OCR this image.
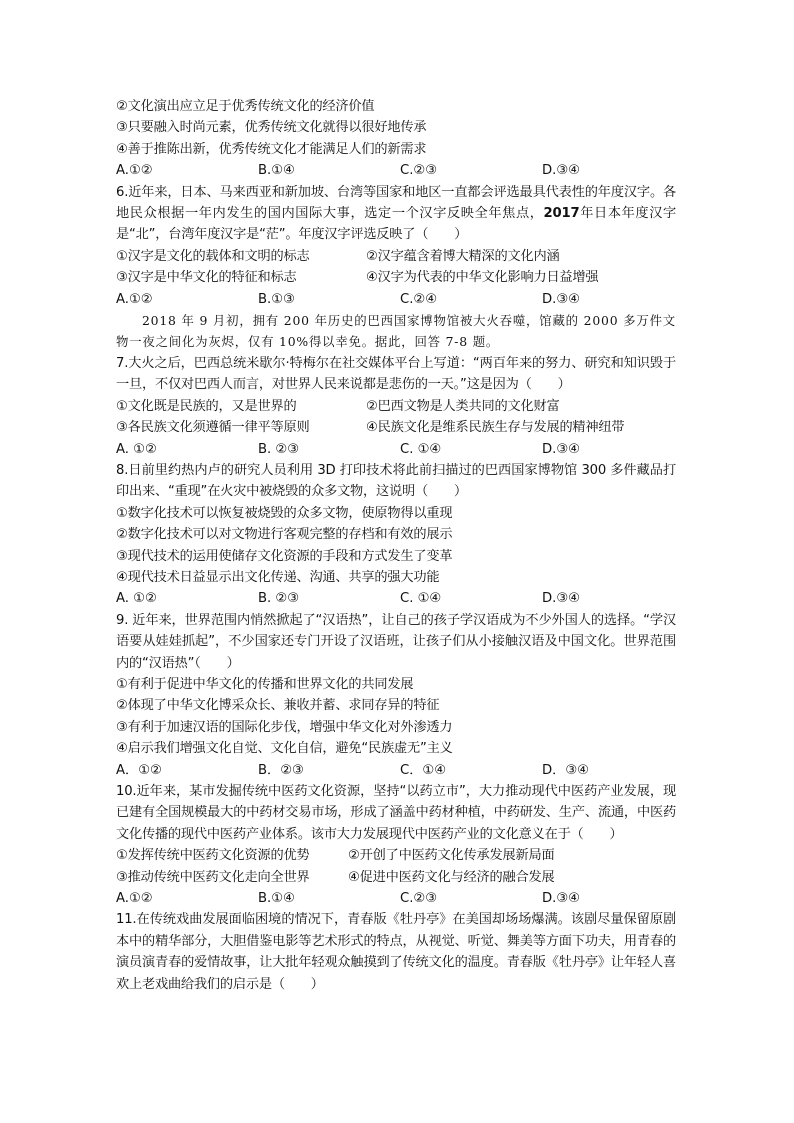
②文化演出应立足于优秀传统文化的经济价值
③只要融入时尚元素，优秀传统文化就得以很好地传承
④善于推陈出新，优秀传统文化才能满足人们的新需求
A.①②	B.①④	C.②③	D.③④
6.近年来，日本、马来西亚和新加坡、台湾等国家和地区一直都会评选最具代表性的年度汉字。各地民众根据一年内发生的国内国际大事，选定一个汉字反映全年焦点，2017年日本年度汉字是“北”，台湾年度汉字是“茫”。年度汉字评选反映了（　　）
①汉字是文化的载体和文明的标志	②汉字蕴含着博大精深的文化内涵
③汉字是中华文化的特征和标志	④汉字为代表的中华文化影响力日益增强
A.①②	B.①③	C.②④	D.③④
2018 年 9 月初，拥有 200 年历史的巴西国家博物馆被大火吞噬，馆藏的 2000 多万件文物一夜之间化为灰烬，仅有 10%得以幸免。据此，回答 7-8 题。
7.大火之后，巴西总统米歇尔·特梅尔在社交媒体平台上写道：“两百年来的努力、研究和知识毁于一旦，不仅对巴西人而言，对世界人民来说都是悲伤的一天。”这是因为（　　）
①文化既是民族的，又是世界的	②巴西文物是人类共同的文化财富
③各民族文化须遵循一律平等原则	④民族文化是维系民族生存与发展的精神纽带
A. ①②	B. ②③	C. ①④	D.③④
8.日前里约热内卢的研究人员利用 3D 打印技术将此前扫描过的巴西国家博物馆 300 多件藏品打印出来、“重现”在火灾中被烧毁的众多文物，这说明（　　）
①数字化技术可以恢复被烧毁的众多文物，使原物得以重现
②数字化技术可以对文物进行客观完整的存档和有效的展示
③现代技术的运用使储存文化资源的手段和方式发生了变革
④现代技术日益显示出文化传递、沟通、共享的强大功能
A. ①②	B. ②③	C. ①④	D.③④
9. 近年来，世界范围内悄然掀起了“汉语热”，让自己的孩子学汉语成为不少外国人的选择。“学汉语要从娃娃抓起”，不少国家还专门开设了汉语班，让孩子们从小接触汉语及中国文化。世界范围内的“汉语热”（　　）
①有利于促进中华文化的传播和世界文化的共同发展
②体现了中华文化博采众长、兼收并蓄、求同存异的特征
③有利于加速汉语的国际化步伐，增强中华文化对外渗透力
④启示我们增强文化自觉、文化自信，避免“民族虚无”主义
A．①②	B．②③	C．①④	D．③④
10.近年来，某市发掘传统中医药文化资源，坚持“以药立市”，大力推动现代中医药产业发展，现已建有全国规模最大的中药材交易市场，形成了涵盖中药材种植，中药研发、生产、流通，中医药文化传播的现代中医药产业体系。该市大力发展现代中医药产业的文化意义在于（　　）
①发挥传统中医药文化资源的优势	②开创了中医药文化传承发展新局面
③推动传统中医药文化走向全世界	④促进中医药文化与经济的融合发展
A.①②	B.①④	C.②③	D.③④
11.在传统戏曲发展面临困境的情况下，青春版《牡丹亭》在美国却场场爆满。该剧尽量保留原剧本中的精华部分，大胆借鉴电影等艺术形式的特点，从视觉、听觉、舞美等方面下功夫，用青春的演员演青春的爱情故事，让大批年轻观众触摸到了传统文化的温度。青春版《牡丹亭》让年轻人喜欢上老戏曲给我们的启示是（　　）
